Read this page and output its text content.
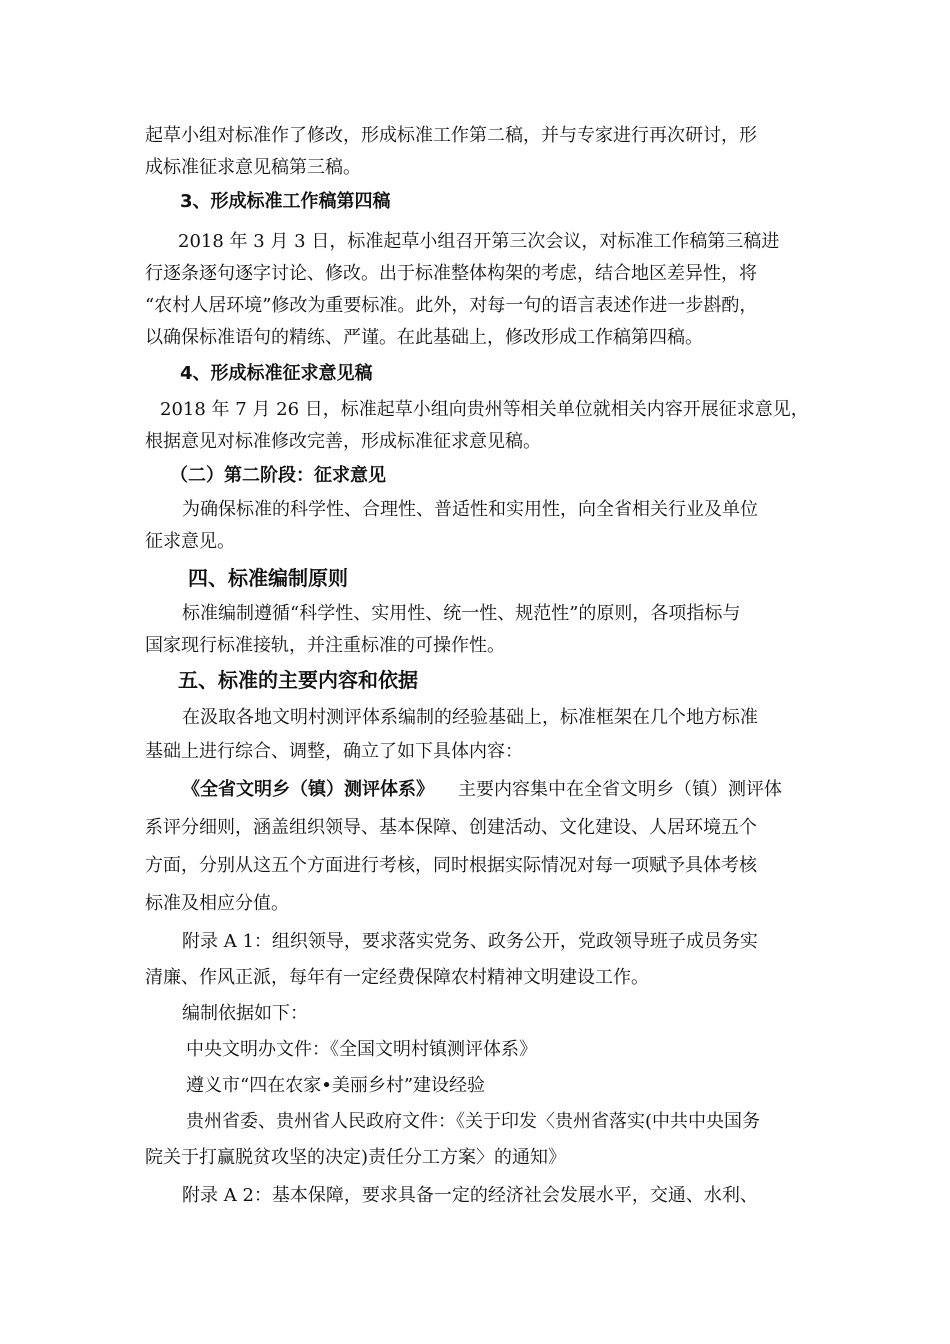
起草小组对标准作了修改，形成标准工作第二稿，并与专家进行再次研讨，形
成标准征求意见稿第三稿。
3、形成标准工作稿第四稿
2018 年 3 月 3 日，标准起草小组召开第三次会议，对标准工作稿第三稿进
行逐条逐句逐字讨论、修改。出于标准整体构架的考虑，结合地区差异性，将
“农村人居环境”修改为重要标准。此外，对每一句的语言表述作进一步斟酌，
以确保标准语句的精练、严谨。在此基础上，修改形成工作稿第四稿。
4、形成标准征求意见稿
2018 年 7 月 26 日，标准起草小组向贵州等相关单位就相关内容开展征求意见，
根据意见对标准修改完善，形成标准征求意见稿。
（二）第二阶段：征求意见
为确保标准的科学性、合理性、普适性和实用性，向全省相关行业及单位
征求意见。
四、标准编制原则
标准编制遵循“科学性、实用性、统一性、规范性”的原则，各项指标与
国家现行标准接轨，并注重标准的可操作性。
五、标准的主要内容和依据
在汲取各地文明村测评体系编制的经验基础上，标准框架在几个地方标准
基础上进行综合、调整，确立了如下具体内容：
《全省文明乡（镇）测评体系》	主要内容集中在全省文明乡（镇）测评体
系评分细则，涵盖组织领导、基本保障、创建活动、文化建设、人居环境五个
方面，分别从这五个方面进行考核，同时根据实际情况对每一项赋予具体考核
标准及相应分值。
附录 A 1：组织领导，要求落实党务、政务公开，党政领导班子成员务实
清廉、作风正派，每年有一定经费保障农村精神文明建设工作。
编制依据如下：
中央文明办文件：《全国文明村镇测评体系》
遵义市“四在农家•美丽乡村”建设经验
贵州省委、贵州省人民政府文件：《关于印发〈贵州省落实(中共中央国务
院关于打赢脱贫攻坚的决定)责任分工方案〉的通知》
附录 A 2：基本保障，要求具备一定的经济社会发展水平，交通、水利、
